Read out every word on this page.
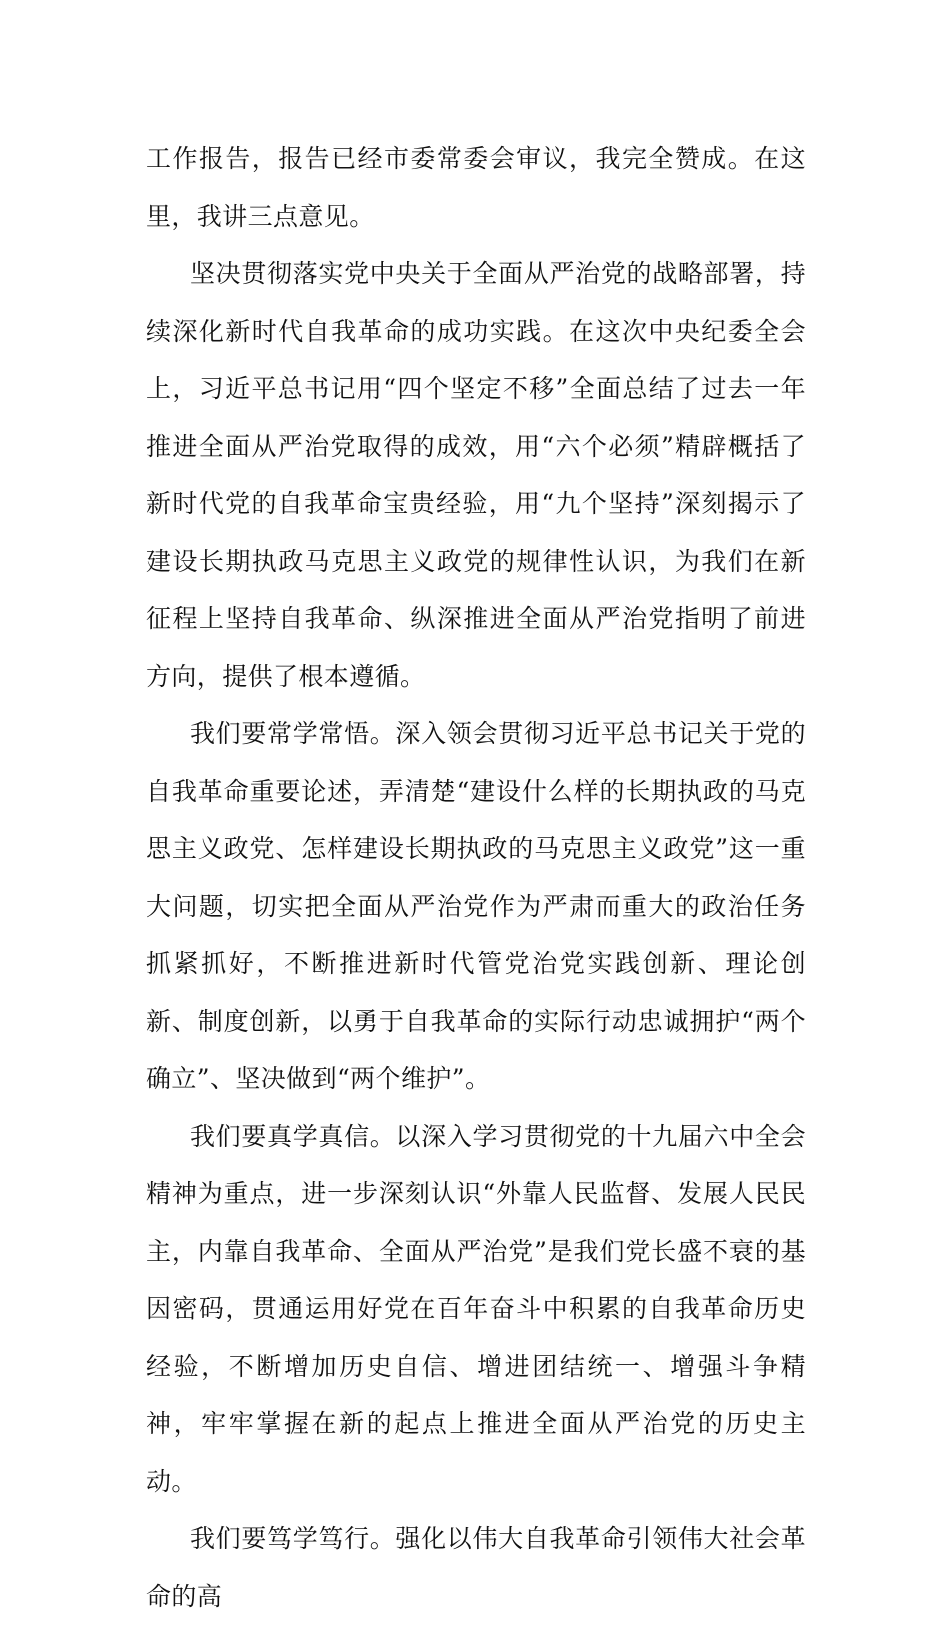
工作报告，报告已经市委常委会审议，我完全赞成。在这里，我讲三点意见。

坚决贯彻落实党中央关于全面从严治党的战略部署，持续深化新时代自我革命的成功实践。在这次中央纪委全会上，习近平总书记用“四个坚定不移”全面总结了过去一年推进全面从严治党取得的成效，用“六个必须”精辟概括了新时代党的自我革命宝贵经验，用“九个坚持”深刻揭示了建设长期执政马克思主义政党的规律性认识，为我们在新征程上坚持自我革命、纵深推进全面从严治党指明了前进方向，提供了根本遵循。

我们要常学常悟。深入领会贯彻习近平总书记关于党的自我革命重要论述，弄清楚“建设什么样的长期执政的马克思主义政党、怎样建设长期执政的马克思主义政党”这一重大问题，切实把全面从严治党作为严肃而重大的政治任务抓紧抓好，不断推进新时代管党治党实践创新、理论创新、制度创新，以勇于自我革命的实际行动忠诚拥护“两个确立”、坚决做到“两个维护”。

我们要真学真信。以深入学习贯彻党的十九届六中全会精神为重点，进一步深刻认识“外靠人民监督、发展人民民主，内靠自我革命、全面从严治党”是我们党长盛不衰的基因密码，贯通运用好党在百年奋斗中积累的自我革命历史经验，不断增加历史自信、增进团结统一、增强斗争精神，牢牢掌握在新的起点上推进全面从严治党的历史主动。

我们要笃学笃行。强化以伟大自我革命引领伟大社会革命的高
